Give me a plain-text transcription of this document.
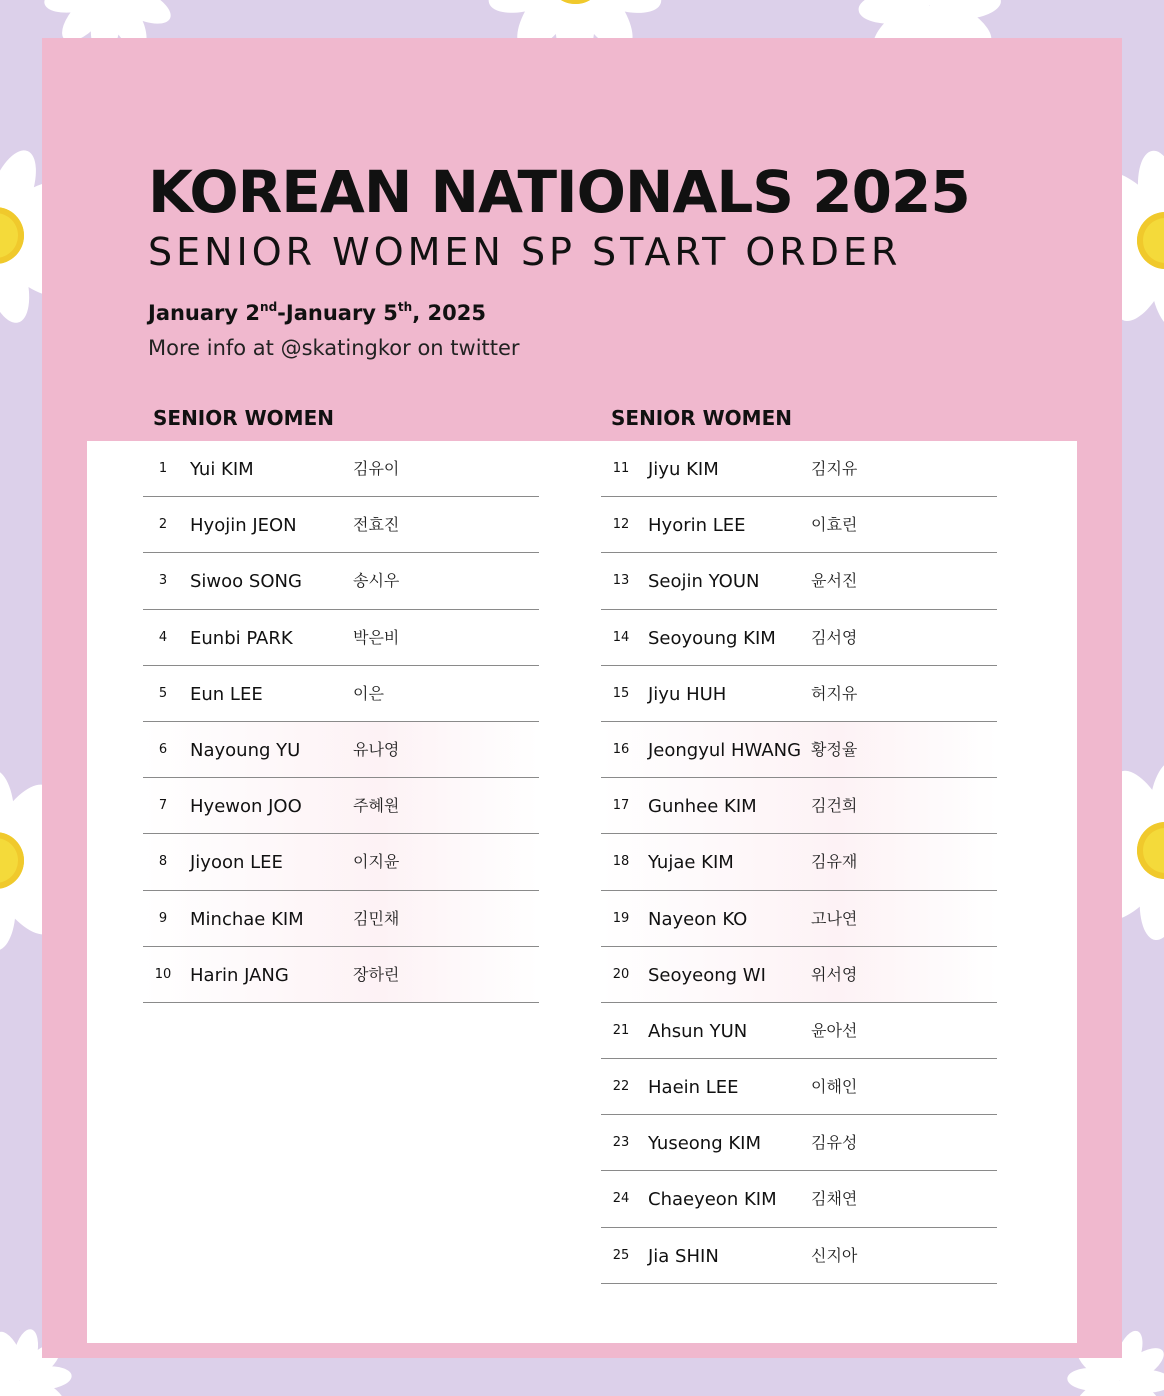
KOREAN NATIONALS 2025
SENIOR WOMEN SP START ORDER
January 2nd-January 5th, 2025
More info at @skatingkor on twitter
SENIOR WOMEN	SENIOR WOMEN
1	Yui KIM	김유이
2	Hyojin JEON	전효진
3	Siwoo SONG	송시우
4	Eunbi PARK	박은비
5	Eun LEE	이은
6	Nayoung YU	유나영
7	Hyewon JOO	주혜원
8	Jiyoon LEE	이지윤
9	Minchae KIM	김민채
10	Harin JANG	장하린
11	Jiyu KIM	김지유
12	Hyorin LEE	이효린
13	Seojin YOUN	윤서진
14	Seoyoung KIM 김서영
15	Jiyu HUH	허지유
16	Jeongyul HWANG 황정율
17	Gunhee KIM	김건희
18	Yujae KIM	김유재
19	Nayeon KO	고나연
20	Seoyeong WI	위서영
21	Ahsun YUN	윤아선
22	Haein LEE	이해인
23	Yuseong KIM	김유성
24	Chaeyeon KIM 김채연
25	Jia SHIN	신지아
